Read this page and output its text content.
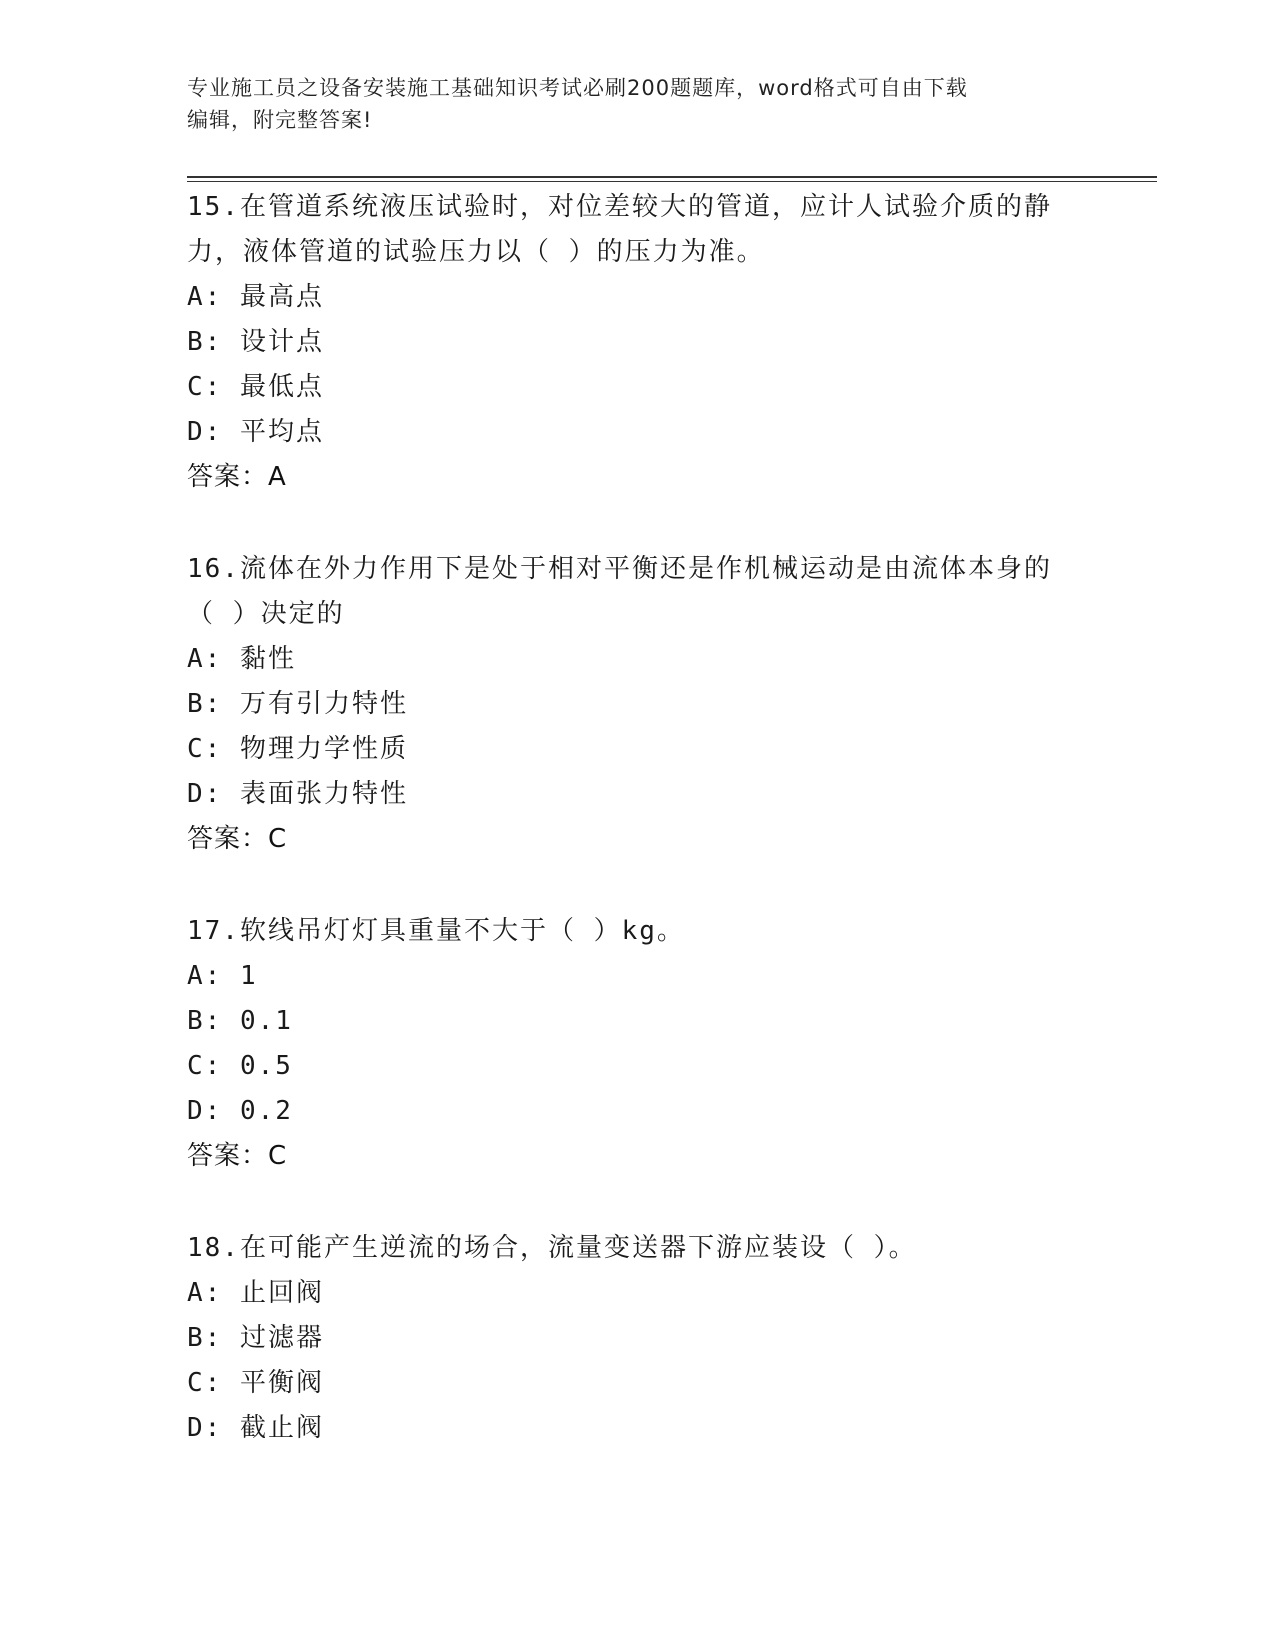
专业施工员之设备安装施工基础知识考试必刷200题题库，word格式可自由下载
编辑，附完整答案!

15.在管道系统液压试验时，对位差较大的管道，应计人试验介质的静

力，液体管道的试验压力以（ ）的压力为准。

A: 最高点

B: 设计点

C: 最低点

D: 平均点

答案：A

16.流体在外力作用下是处于相对平衡还是作机械运动是由流体本身的

（ ）决定的

A: 黏性

B: 万有引力特性

C: 物理力学性质

D: 表面张力特性

答案：C

17.软线吊灯灯具重量不大于（ ）kg。

A: 1

B: 0.1

C: 0.5

D: 0.2

答案：C

18.在可能产生逆流的场合，流量变送器下游应装设（ ）。

A: 止回阀

B: 过滤器

C: 平衡阀

D: 截止阀
